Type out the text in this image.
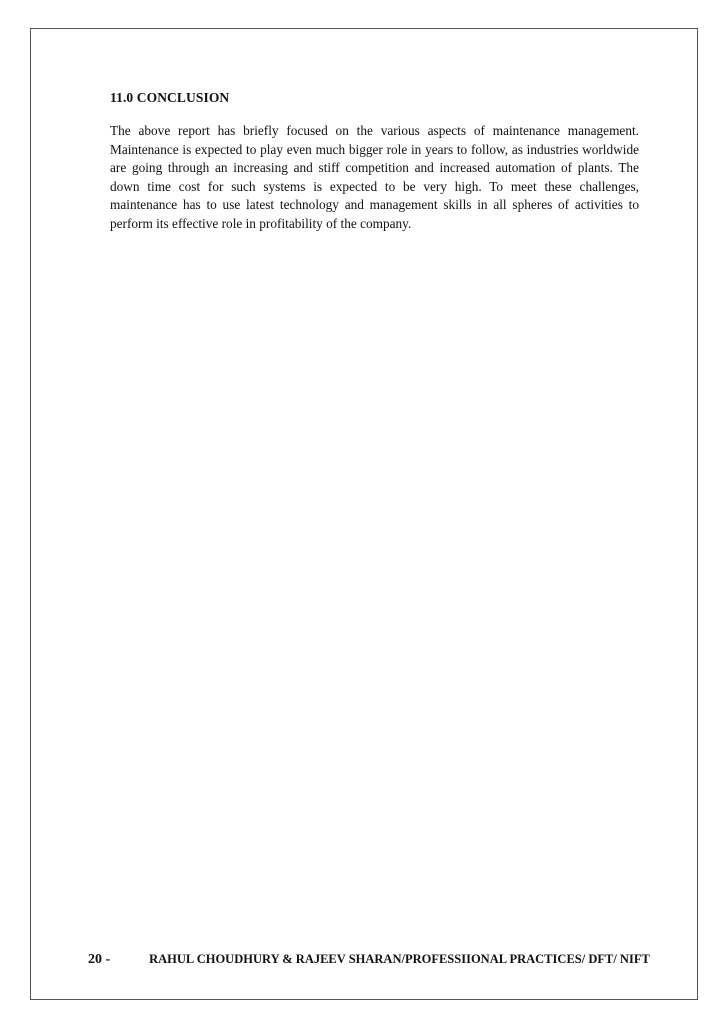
11.0 CONCLUSION

The above report has briefly focused on the various aspects of maintenance management. Maintenance is expected to play even much bigger role in years to follow, as industries worldwide are going through an increasing and stiff competition and increased automation of plants. The down time cost for such systems is expected to be very high. To meet these challenges, maintenance has to use latest technology and management skills in all spheres of activities to perform its effective role in profitability of the company.

20 -	RAHUL CHOUDHURY & RAJEEV SHARAN/PROFESSIIONAL PRACTICES/ DFT/ NIFT
